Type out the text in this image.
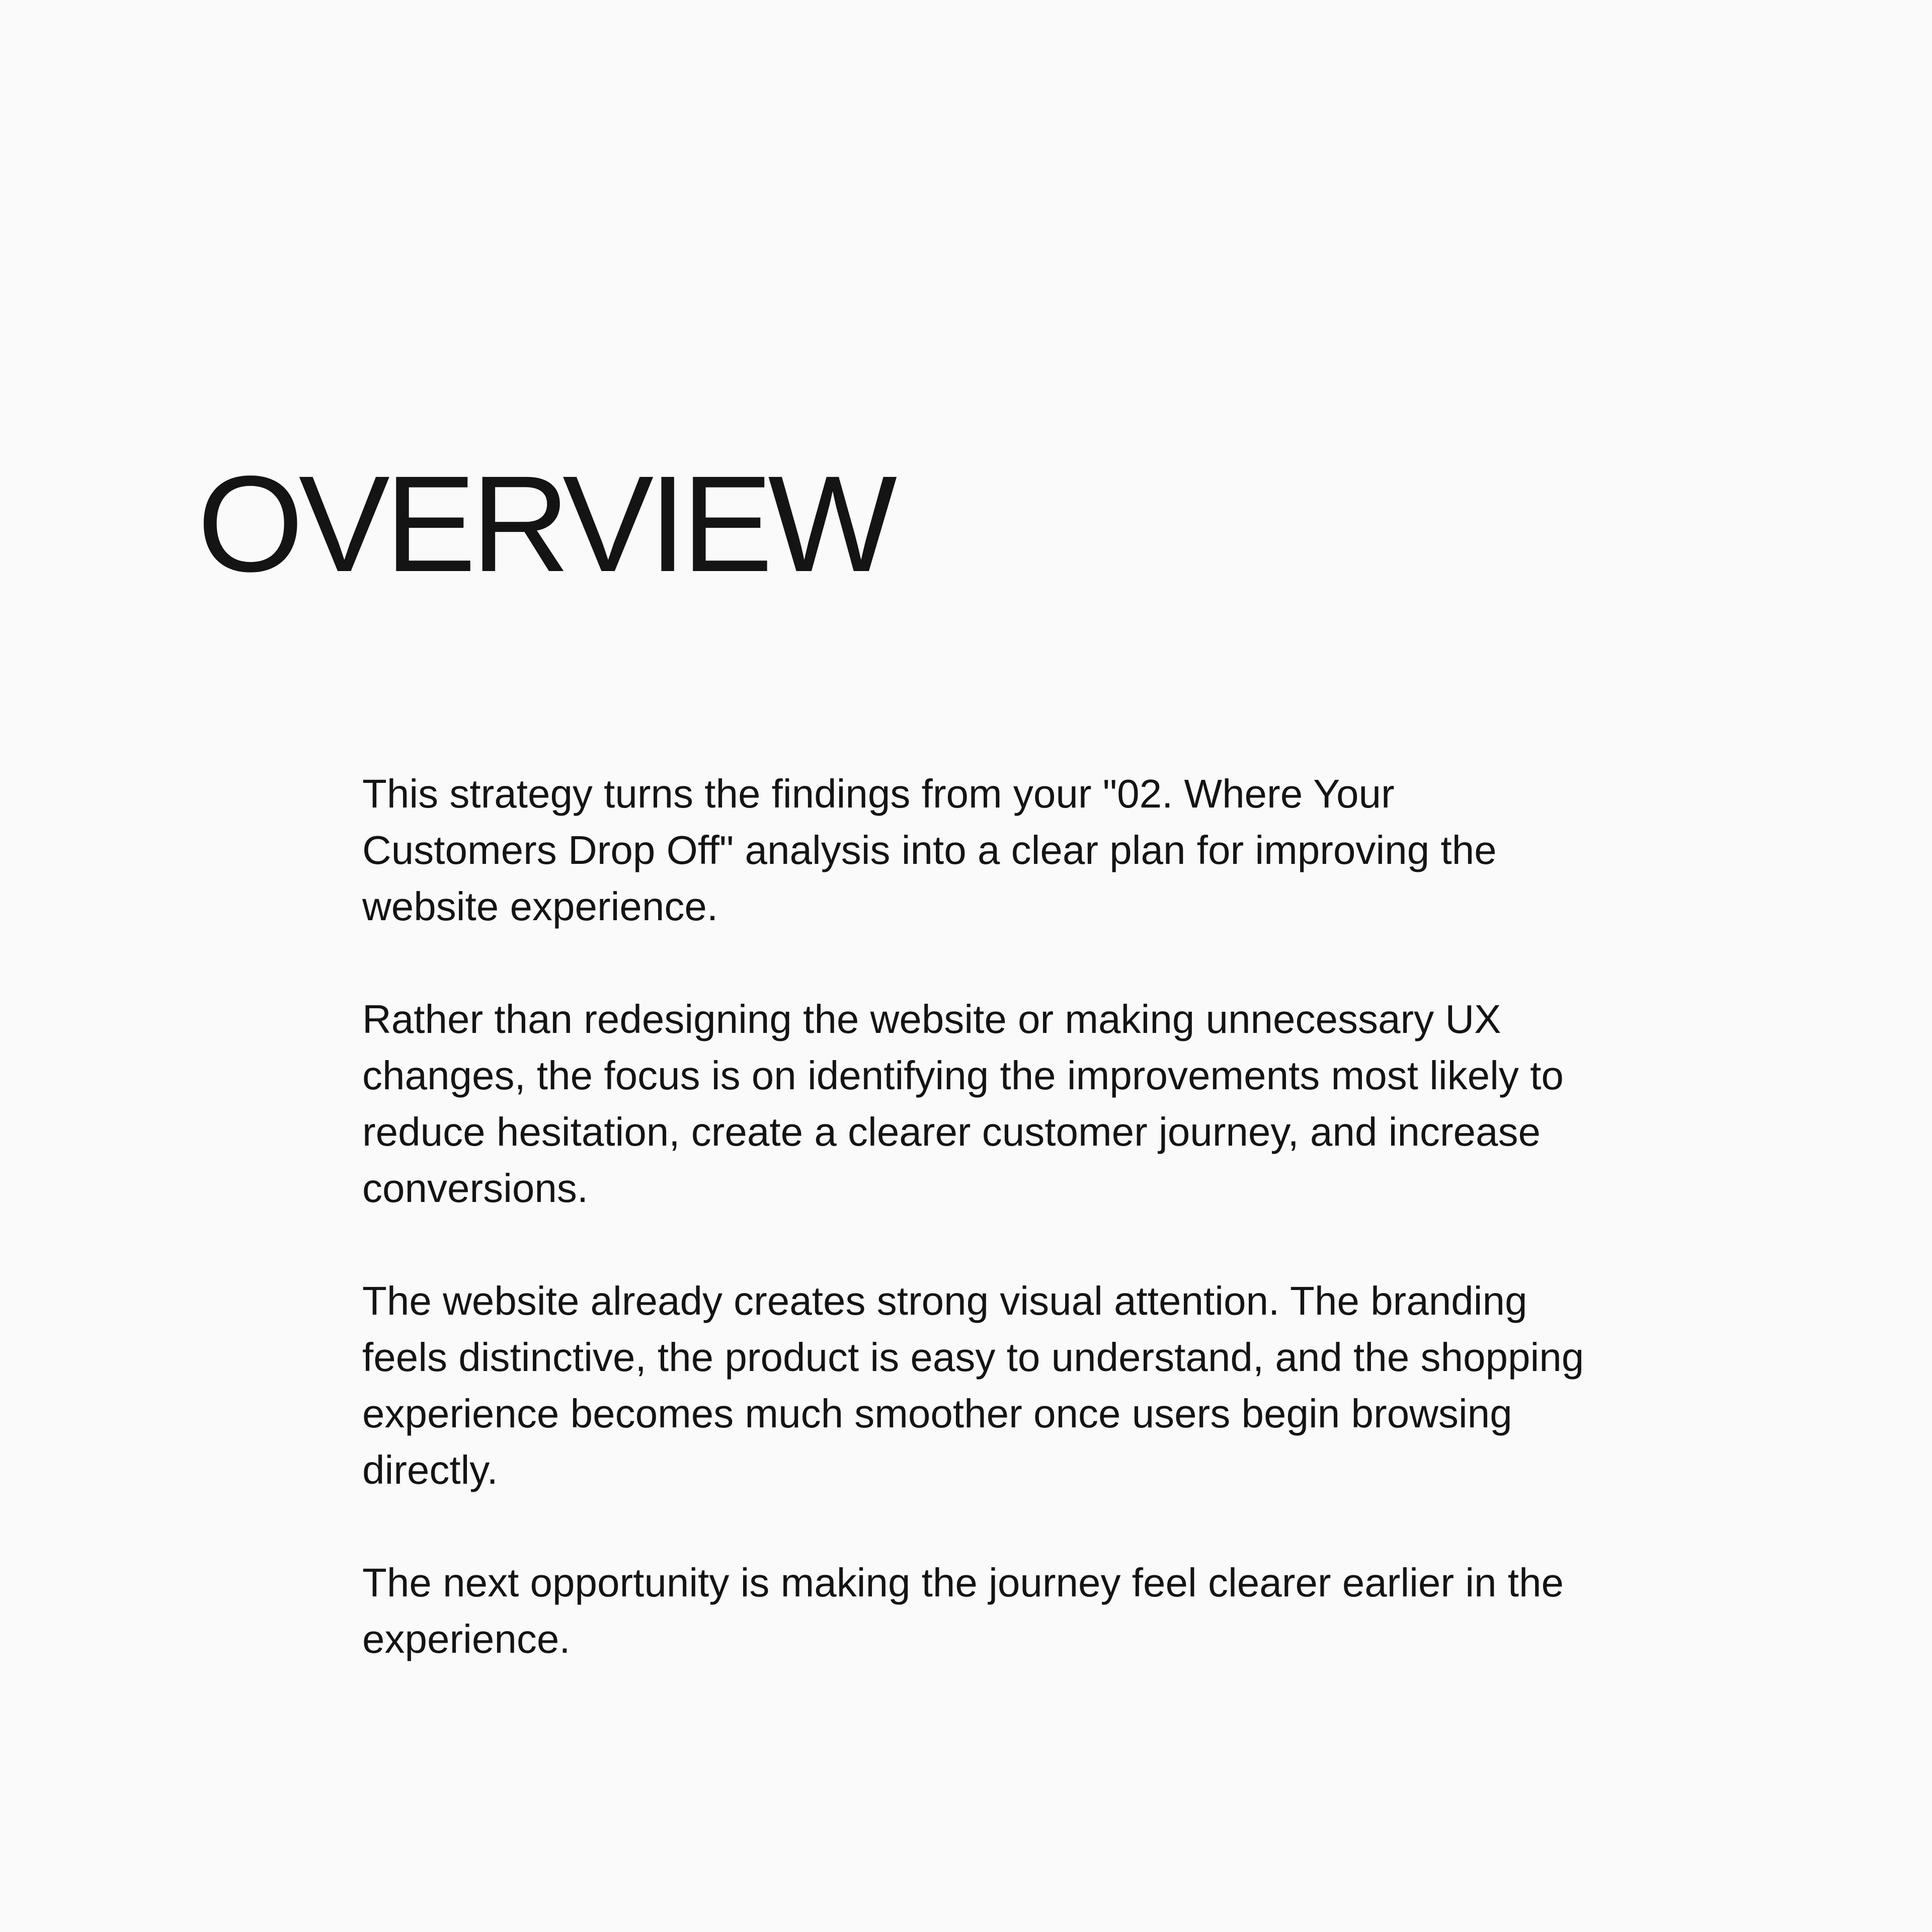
OVERVIEW

This strategy turns the findings from your "02. Where Your Customers Drop Off" analysis into a clear plan for improving the website experience.

Rather than redesigning the website or making unnecessary UX changes, the focus is on identifying the improvements most likely to reduce hesitation, create a clearer customer journey, and increase conversions.

The website already creates strong visual attention. The branding feels distinctive, the product is easy to understand, and the shopping experience becomes much smoother once users begin browsing directly.

The next opportunity is making the journey feel clearer earlier in the experience.
